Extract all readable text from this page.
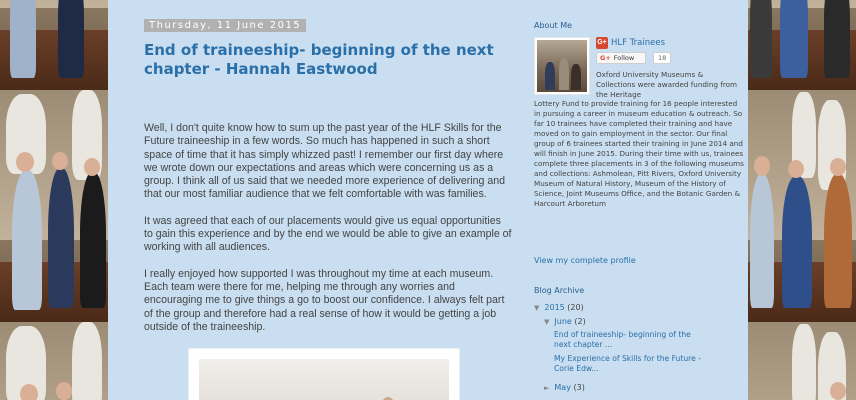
Thursday, 11 June 2015
End of traineeship- beginning of the next chapter - Hannah Eastwood

Well, I don't quite know how to sum up the past year of the HLF Skills for the Future traineeship in a few words. So much has happened in such a short space of time that it has simply whizzed past! I remember our first day where we wrote down our expectations and areas which were concerning us as a group. I think all of us said that we needed more experience of delivering and that our most familiar audience that we felt comfortable with was families.

It was agreed that each of our placements would give us equal opportunities to gain this experience and by the end we would be able to give an example of working with all audiences.

I really enjoyed how supported I was throughout my time at each museum. Each team were there for me, helping me through any worries and encouraging me to give things a go to boost our confidence. I always felt part of the group and therefore had a real sense of how it would be getting a job outside of the traineeship.

About Me
G+ HLF Trainees
G+ Follow	18
Oxford University Museums & Collections were awarded funding from the Heritage
Lottery Fund to provide training for 16 people interested in pursuing a career in museum education & outreach. So far 10 trainees have completed their training and have moved on to gain employment in the sector. Our final group of 6 trainees started their training in June 2014 and will finish in June 2015. During their time with us, trainees complete three placements in 3 of the following museums and collections: Ashmolean, Pitt Rivers, Oxford University Museum of Natural History, Museum of the History of Science, Joint Museums Office, and the Botanic Garden & Harcourt Arboretum
View my complete profile
Blog Archive
▼ 2015 (20)
▼ June (2)
End of traineeship- beginning of the next chapter ...
My Experience of Skills for the Future - Corie Edw...
► May (3)
